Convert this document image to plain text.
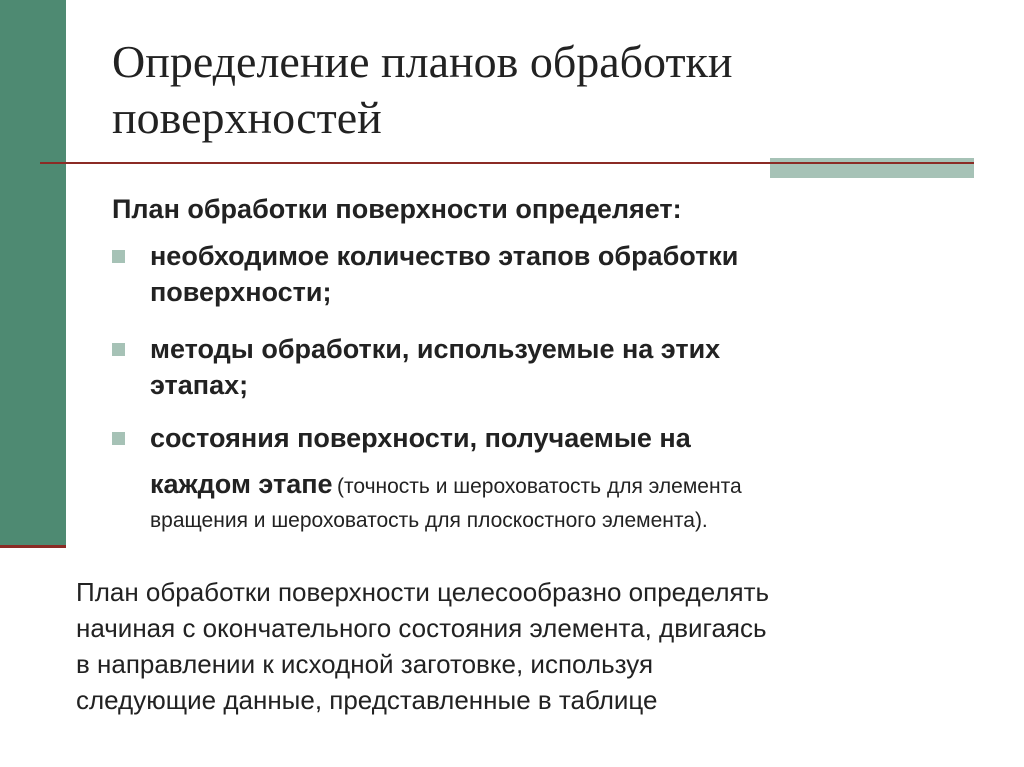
Определение планов обработки
поверхностей
План обработки поверхности определяет:
необходимое количество этапов обработки
поверхности;
методы обработки, используемые на этих
этапах;
состояния поверхности, получаемые на
каждом этапе (точность и шероховатость для элемента
вращения и шероховатость для плоскостного элемента).
План обработки поверхности целесообразно определять
начиная с окончательного состояния элемента, двигаясь
в направлении к исходной заготовке, используя
следующие данные, представленные в таблице
